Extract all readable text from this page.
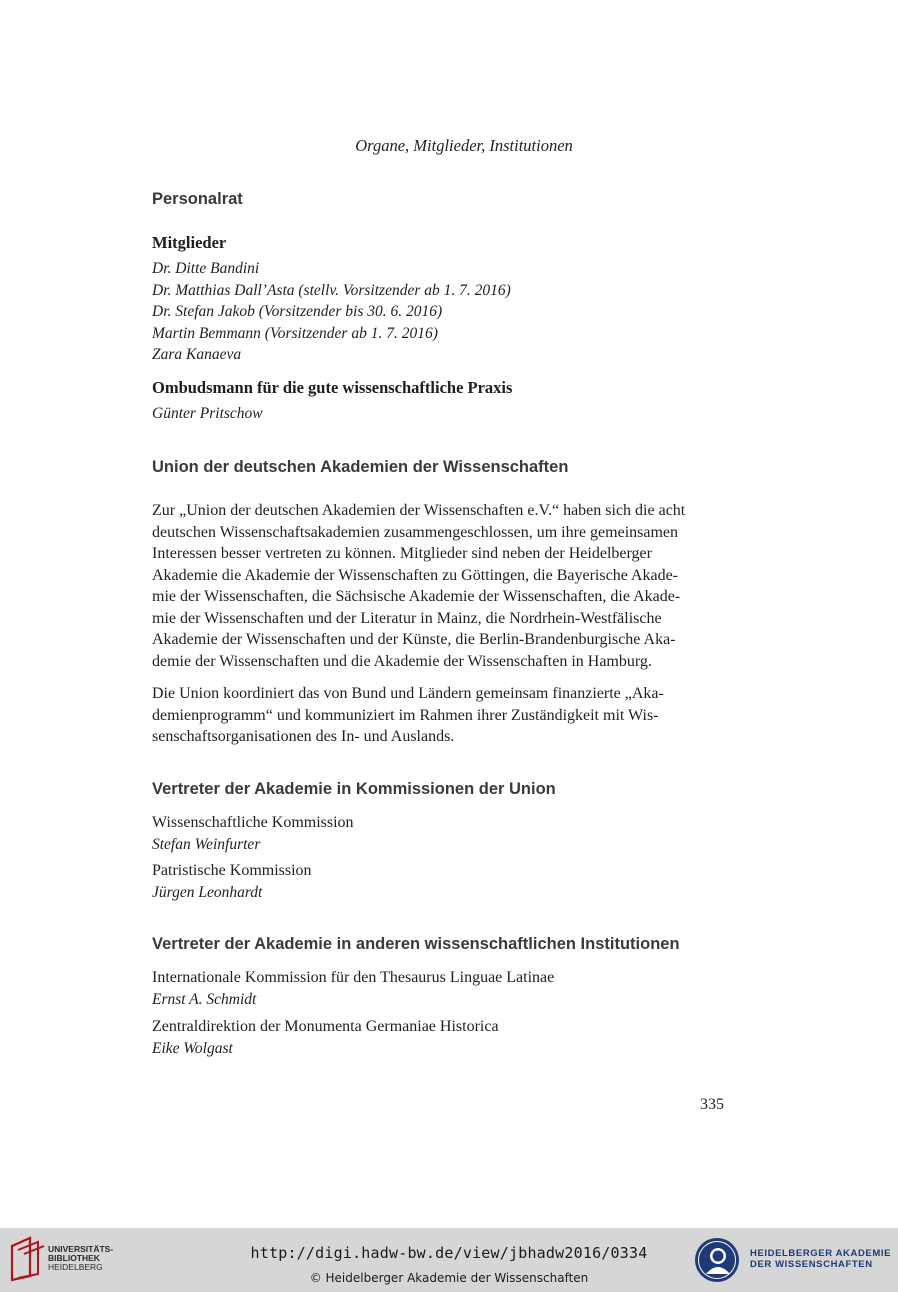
Organe, Mitglieder, Institutionen
Personalrat
Mitglieder
Dr. Ditte Bandini
Dr. Matthias Dall’Asta (stellv. Vorsitzender ab 1. 7. 2016)
Dr. Stefan Jakob (Vorsitzender bis 30. 6. 2016)
Martin Bemmann (Vorsitzender ab 1. 7. 2016)
Zara Kanaeva
Ombudsmann für die gute wissenschaftliche Praxis
Günter Pritschow
Union der deutschen Akademien der Wissenschaften
Zur „Union der deutschen Akademien der Wissenschaften e.V.“ haben sich die acht
deutschen Wissenschaftsakademien zusammengeschlossen, um ihre gemeinsamen
Interessen besser vertreten zu können. Mitglieder sind neben der Heidelberger
Akademie die Akademie der Wissenschaften zu Göttingen, die Bayerische Akade-
mie der Wissenschaften, die Sächsische Akademie der Wissenschaften, die Akade-
mie der Wissenschaften und der Literatur in Mainz, die Nordrhein-Westfälische
Akademie der Wissenschaften und der Künste, die Berlin-Brandenburgische Aka-
demie der Wissenschaften und die Akademie der Wissenschaften in Hamburg.
Die Union koordiniert das von Bund und Ländern gemeinsam finanzierte „Aka-
demienprogramm“ und kommuniziert im Rahmen ihrer Zuständigkeit mit Wis-
senschaftsorganisationen des In- und Auslands.
Vertreter der Akademie in Kommissionen der Union
Wissenschaftliche Kommission
Stefan Weinfurter
Patristische Kommission
Jürgen Leonhardt
Vertreter der Akademie in anderen wissenschaftlichen Institutionen
Internationale Kommission für den Thesaurus Linguae Latinae
Ernst A. Schmidt
Zentraldirektion der Monumenta Germaniae Historica
Eike Wolgast
335
UNIVERSITÄTS-
BIBLIOTHEK
HEIDELBERG
http://digi.hadw-bw.de/view/jbhadw2016/0334
© Heidelberger Akademie der Wissenschaften
HEIDELBERGER AKADEMIE
DER WISSENSCHAFTEN
